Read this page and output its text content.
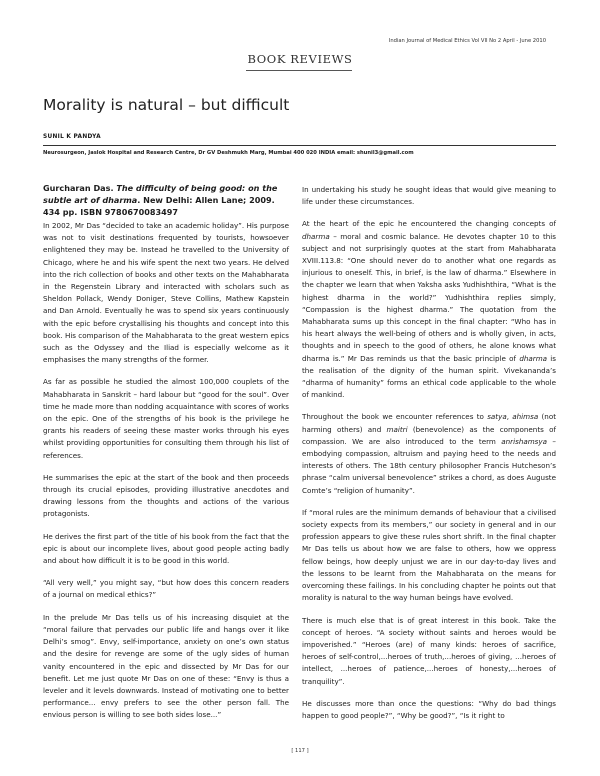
Indian Journal of Medical Ethics Vol VII No 2 April - June 2010
BOOK REVIEWS
Morality is natural – but difficult
SUNIL K PANDYA
Neurosurgeon, Jaslok Hospital and Research Centre, Dr GV Deshmukh Marg, Mumbai 400 020 INDIA email: shunil3@gmail.com

Gurcharan Das. The difficulty of being good: on the subtle art of dharma. New Delhi: Allen Lane; 2009. 434 pp. ISBN 9780670083497

In 2002, Mr Das “decided to take an academic holiday”. His purpose was not to visit destinations frequented by tourists, howsoever enlightened they may be. Instead he travelled to the University of Chicago, where he and his wife spent the next two years. He delved into the rich collection of books and other texts on the Mahabharata in the Regenstein Library and interacted with scholars such as Sheldon Pollack, Wendy Doniger, Steve Collins, Mathew Kapstein and Dan Arnold. Eventually he was to spend six years continuously with the epic before crystallising his thoughts and concept into this book. His comparison of the Mahabharata to the great western epics such as the Odyssey and the Iliad is especially welcome as it emphasises the many strengths of the former.

As far as possible he studied the almost 100,000 couplets of the Mahabharata in Sanskrit – hard labour but “good for the soul”. Over time he made more than nodding acquaintance with scores of works on the epic. One of the strengths of his book is the privilege he grants his readers of seeing these master works through his eyes whilst providing opportunities for consulting them through his list of references.

He summarises the epic at the start of the book and then proceeds through its crucial episodes, providing illustrative anecdotes and drawing lessons from the thoughts and actions of the various protagonists.

He derives the first part of the title of his book from the fact that the epic is about our incomplete lives, about good people acting badly and about how difficult it is to be good in this world.

“All very well,” you might say, “but how does this concern readers of a journal on medical ethics?”

In the prelude Mr Das tells us of his increasing disquiet at the “moral failure that pervades our public life and hangs over it like Delhi’s smog”. Envy, self-importance, anxiety on one’s own status and the desire for revenge are some of the ugly sides of human vanity encountered in the epic and dissected by Mr Das for our benefit. Let me just quote Mr Das on one of these: “Envy is thus a leveler and it levels downwards. Instead of motivating one to better performance... envy prefers to see the other person fall. The envious person is willing to see both sides lose...”

In undertaking his study he sought ideas that would give meaning to life under these circumstances.

At the heart of the epic he encountered the changing concepts of dharma – moral and cosmic balance. He devotes chapter 10 to this subject and not surprisingly quotes at the start from Mahabharata XVIII.113.8: “One should never do to another what one regards as injurious to oneself. This, in brief, is the law of dharma.” Elsewhere in the chapter we learn that when Yaksha asks Yudhishthira, “What is the highest dharma in the world?” Yudhishthira replies simply, “Compassion is the highest dharma.” The quotation from the Mahabharata sums up this concept in the final chapter: “Who has in his heart always the well-being of others and is wholly given, in acts, thoughts and in speech to the good of others, he alone knows what dharma is.” Mr Das reminds us that the basic principle of dharma is the realisation of the dignity of the human spirit. Vivekananda’s “dharma of humanity” forms an ethical code applicable to the whole of mankind.

Throughout the book we encounter references to satya, ahimsa (not harming others) and maitri (benevolence) as the components of compassion. We are also introduced to the term anrishamsya – embodying compassion, altruism and paying heed to the needs and interests of others. The 18th century philosopher Francis Hutcheson’s phrase “calm universal benevolence” strikes a chord, as does Auguste Comte’s “religion of humanity”.

If “moral rules are the minimum demands of behaviour that a civilised society expects from its members,” our society in general and in our profession appears to give these rules short shrift. In the final chapter Mr Das tells us about how we are false to others, how we oppress fellow beings, how deeply unjust we are in our day-to-day lives and the lessons to be learnt from the Mahabharata on the means for overcoming these failings. In his concluding chapter he points out that morality is natural to the way human beings have evolved.

There is much else that is of great interest in this book. Take the concept of heroes. “A society without saints and heroes would be impoverished.” “Heroes (are) of many kinds: heroes of sacrifice, heroes of self-control,...heroes of truth,...heroes of giving, ...heroes of intellect, ...heroes of patience,...heroes of honesty,...heroes of tranquility”.

He discusses more than once the questions: “Why do bad things happen to good people?”, “Why be good?”, “Is it right to

[ 117 ]
